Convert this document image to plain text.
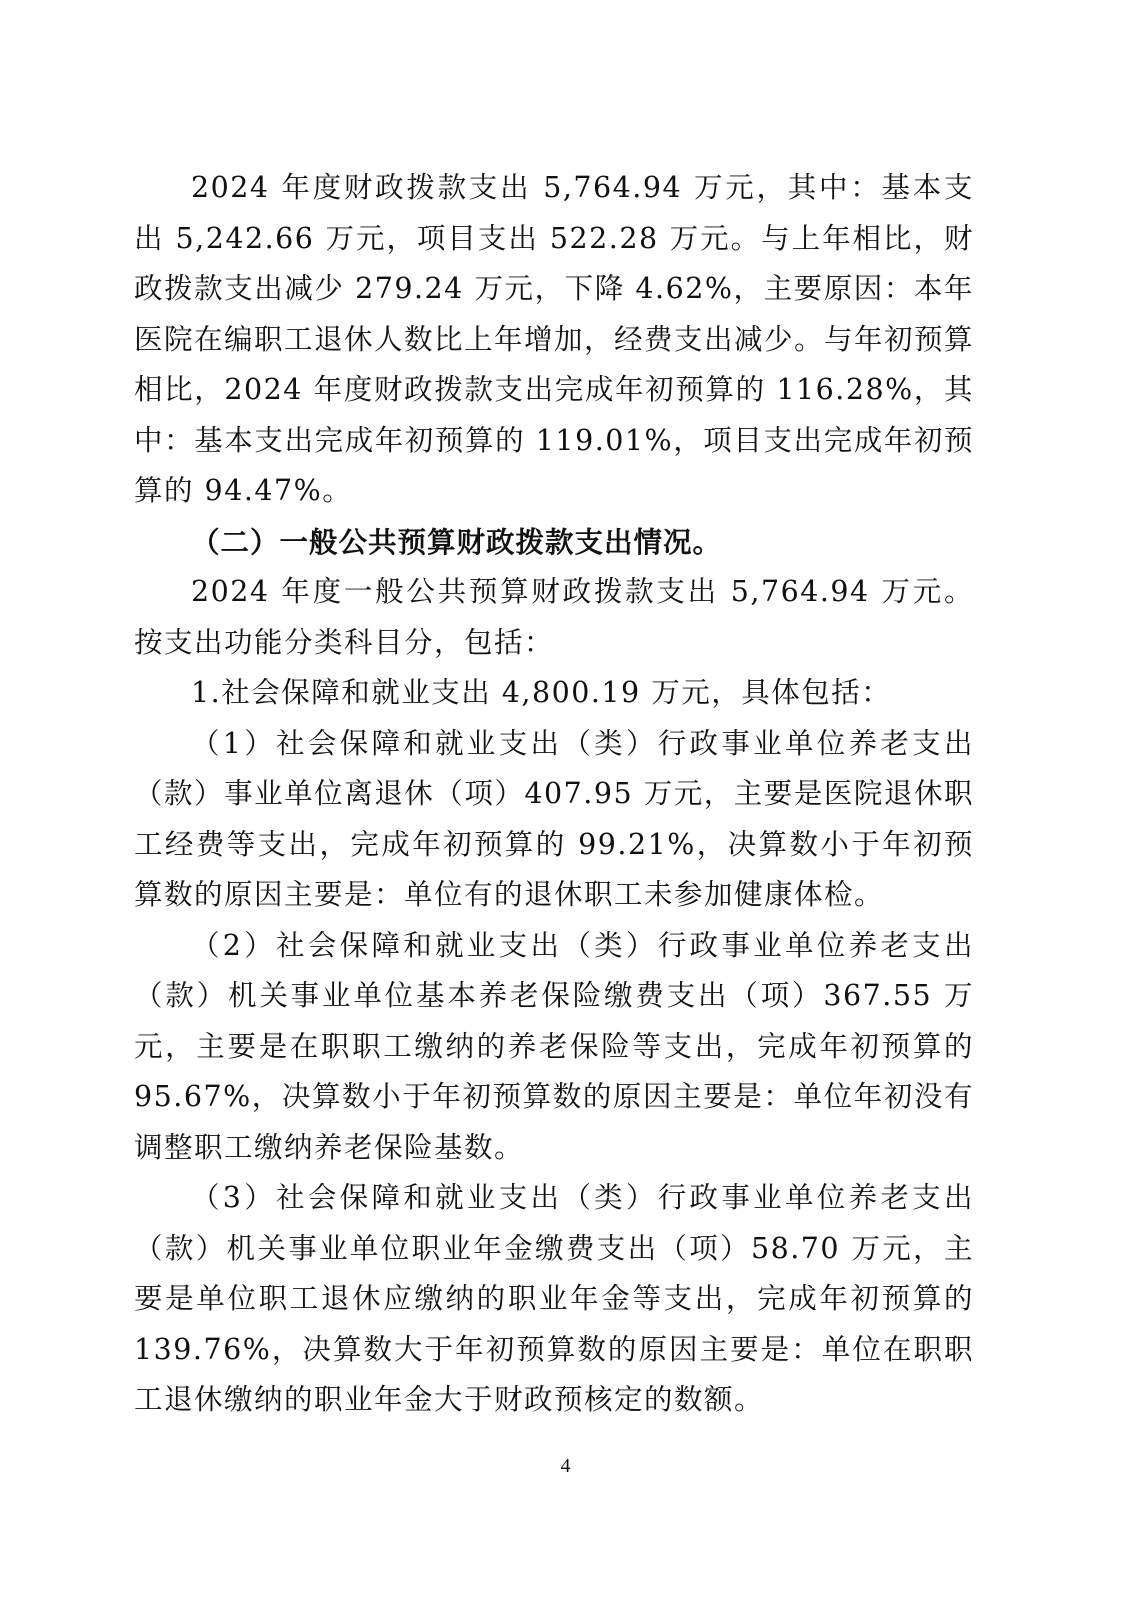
2024 年度财政拨款支出 5,764.94 万元，其中：基本支出 5,242.66 万元，项目支出 522.28 万元。与上年相比，财政拨款支出减少 279.24 万元，下降 4.62%，主要原因：本年医院在编职工退休人数比上年增加，经费支出减少。与年初预算相比，2024 年度财政拨款支出完成年初预算的 116.28%，其中：基本支出完成年初预算的 119.01%，项目支出完成年初预算的 94.47%。

（二）一般公共预算财政拨款支出情况。

2024 年度一般公共预算财政拨款支出 5,764.94 万元。按支出功能分类科目分，包括：

1.社会保障和就业支出 4,800.19 万元，具体包括：

（1）社会保障和就业支出（类）行政事业单位养老支出（款）事业单位离退休（项）407.95 万元，主要是医院退休职工经费等支出，完成年初预算的 99.21%，决算数小于年初预算数的原因主要是：单位有的退休职工未参加健康体检。

（2）社会保障和就业支出（类）行政事业单位养老支出（款）机关事业单位基本养老保险缴费支出（项）367.55 万元，主要是在职职工缴纳的养老保险等支出，完成年初预算的 95.67%，决算数小于年初预算数的原因主要是：单位年初没有调整职工缴纳养老保险基数。

（3）社会保障和就业支出（类）行政事业单位养老支出（款）机关事业单位职业年金缴费支出（项）58.70 万元，主要是单位职工退休应缴纳的职业年金等支出，完成年初预算的 139.76%，决算数大于年初预算数的原因主要是：单位在职职工退休缴纳的职业年金大于财政预核定的数额。

4
